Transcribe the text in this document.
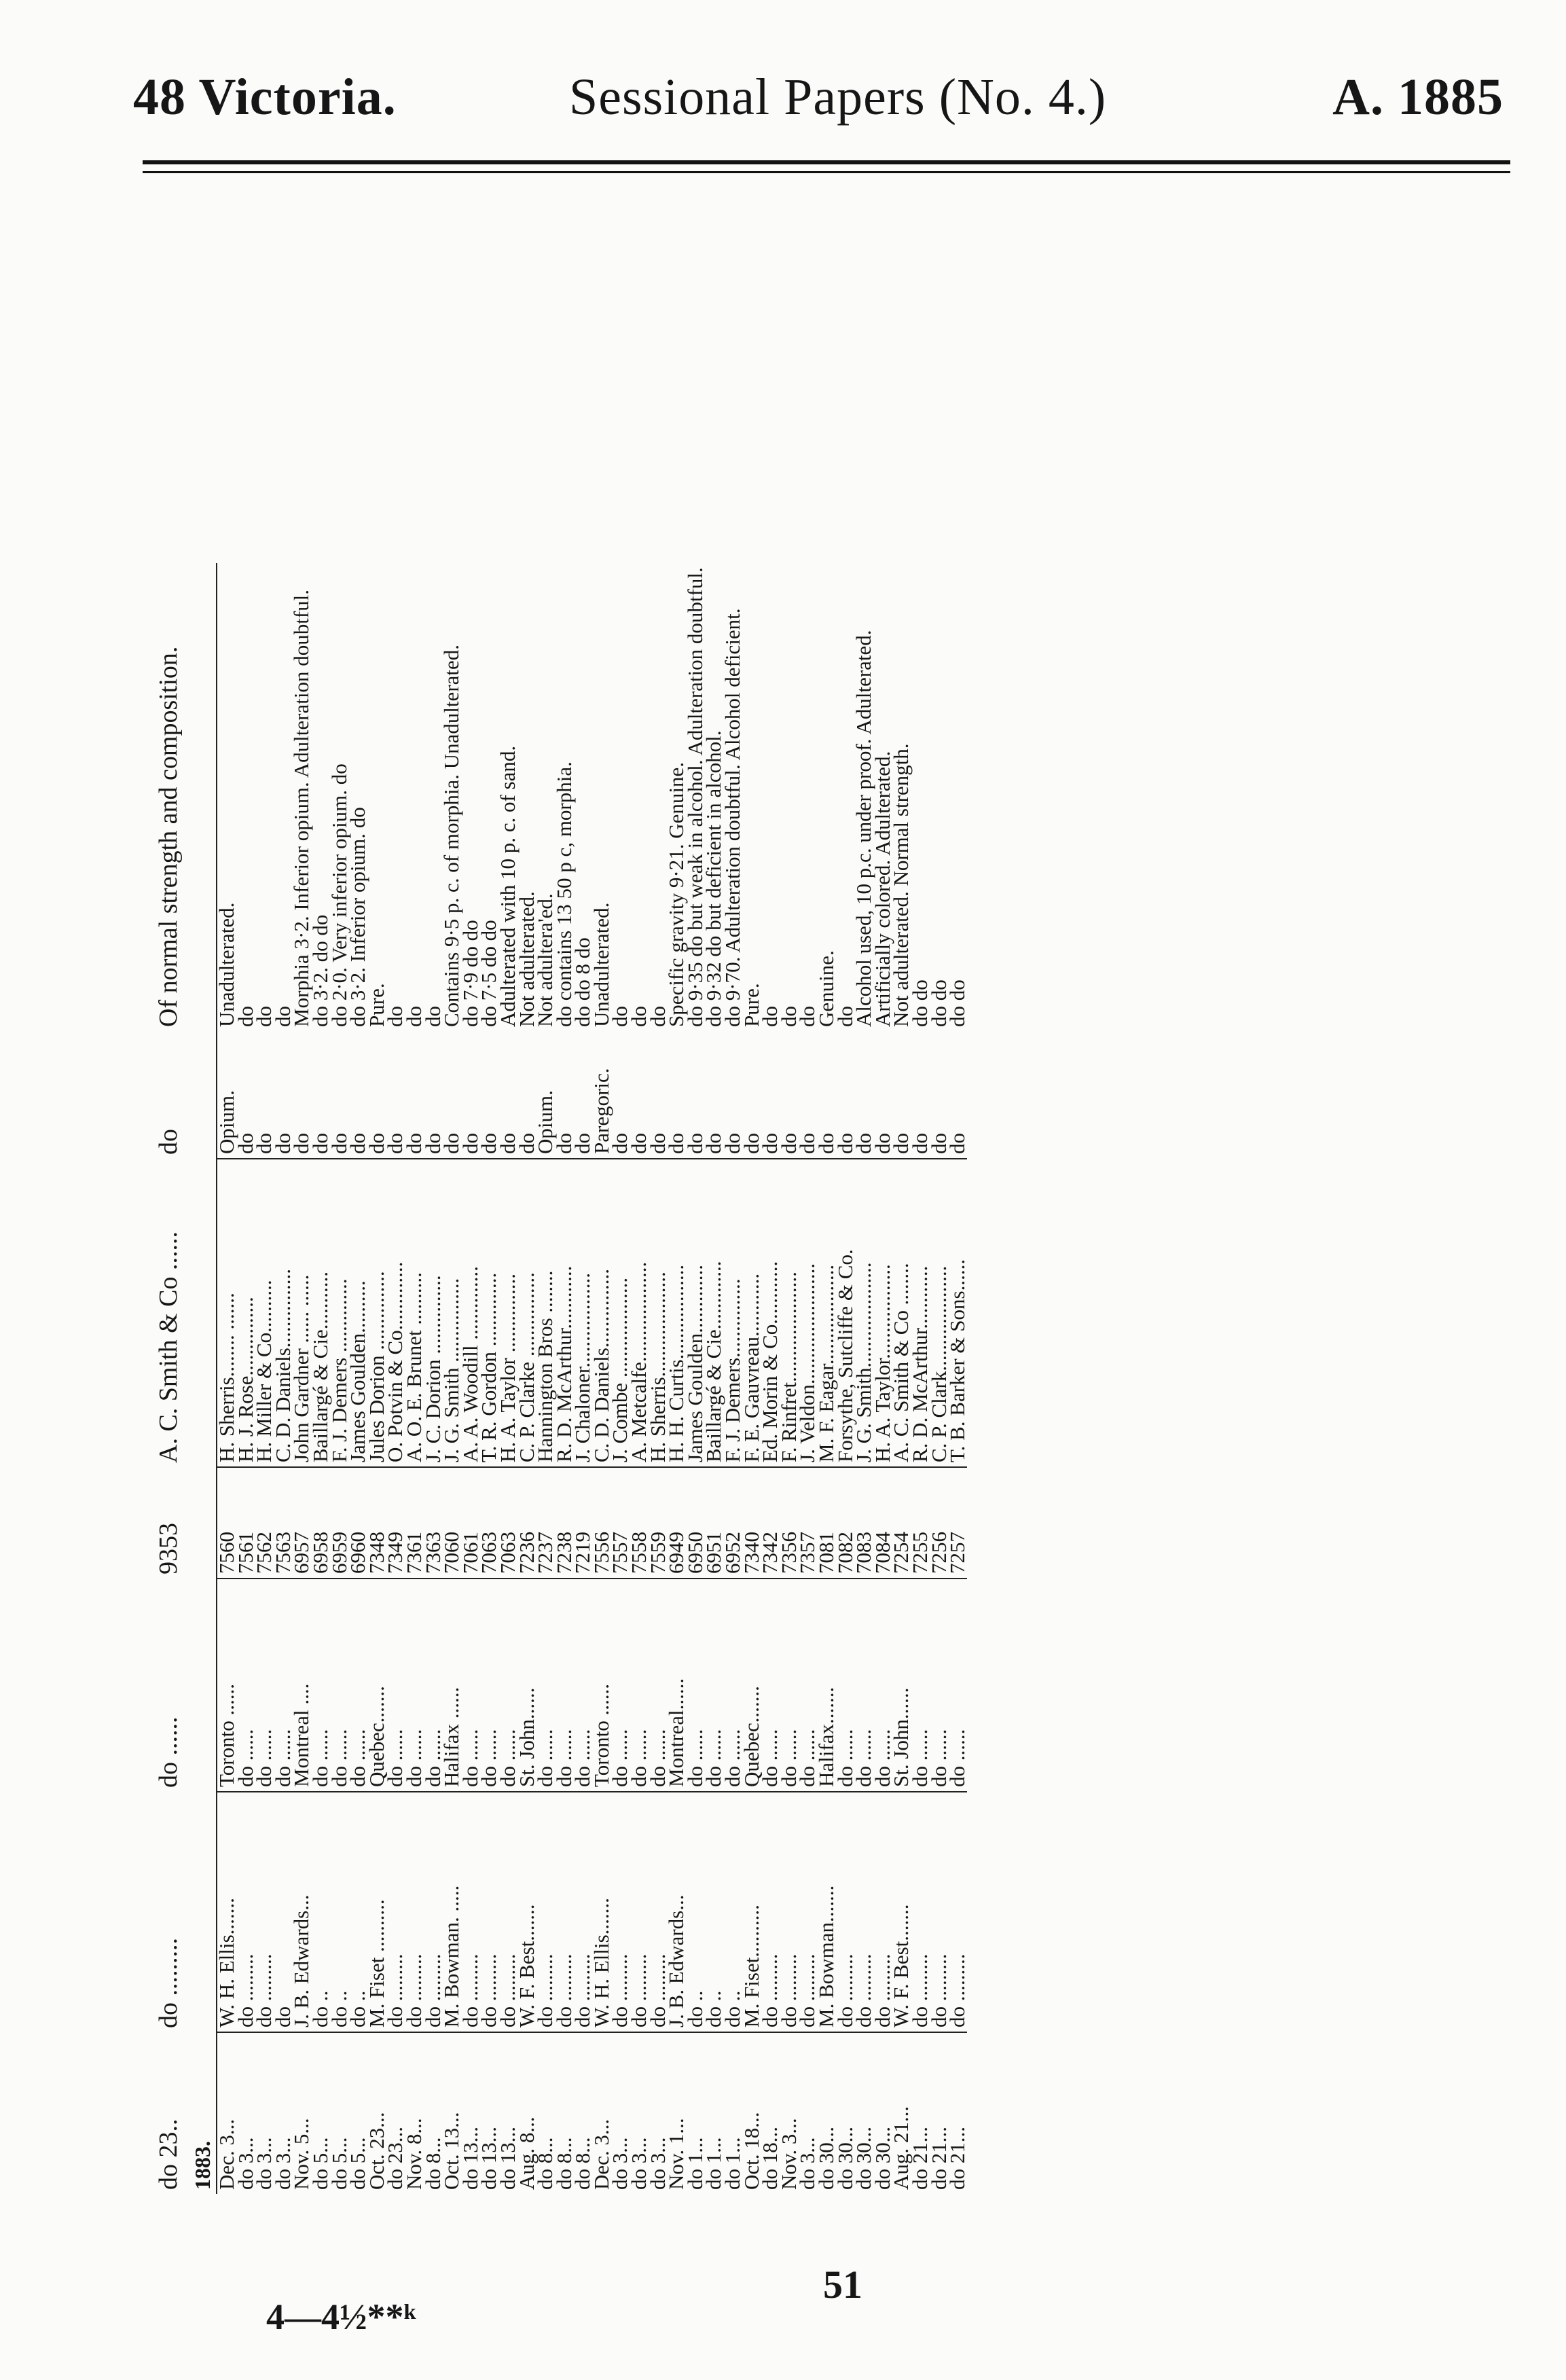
48 Victoria.	Sessional Papers (No. 4.)	A. 1885
do 23..	do .........	do ......	9353	A. C. Smith & Co ......	do	Of normal strength and composition.
1883.						
Dec. 3...	W. H. Ellis.......	Toronto ......	7560	H. Sherris........ .......	Opium.	Unadulterated.
do 3...	do .........	do ......	7561	H. J. Rose...............	do	do
do 3...	do .........	do ......	7562	H. Miller & Co..........	do	do
do 3...	do	do ......	7563	C. D. Daniels...............	do	do
Nov. 5...	J. B. Edwards...	Montreal ....	6957	John Gardner ...... ......	do	Morphia 3·2. Inferior opium. Adulteration doubtful.
do 5...	do ..	do ......	6958	Baillargé & Cie...........	do	do 3·2. do do
do 5...	do ..	do ......	6959	F. J. Demers ..............	do	do 2·0. Very inferior opium. do
do 5...	do ..	do ......	6960	James Goulden..........	do	do 3·2. Inferior opium. do
Oct. 23...	M. Fiset ..........	Quebec.......	7348	Jules Dorion ...............	do	Pure.
do 23...	do .........	do ......	7349	O. Potvin & Co.............	do	do
Nov. 8...	do .........	do ......	7361	A. O. E. Brunet ..........	do	do
do 8...	do .........	do ......	7363	J. C. Dorion ...............	do	do
Oct. 13...	M. Bowman. .....	Halifax ......	7060	J. G. Smith ................	do	Contains 9·5 p. c. of morphia. Unadulterated.
do 13...	do .........	do ......	7061	A. A. Woodill ..............	do	do 7·9 do do
do 13...	do .........	do ......	7063	T. R. Gordon ..............	do	do 7·5 do do
do 13...	do .........	do ......	7063	H. A. Taylor ...............	do	Adulterated with 10 p. c. of sand.
Aug. 8...	W. F. Best.......	St. John......	7236	C. P. Clarke ................	do	Not adulterated.
do 8...	do .........	do ......	7237	Hannington Bros ........	Opium.	Not adultera'ed.
do 8...	do .........	do ......	7238	R. D. McArthur............	do	do contains 13 50 p c, morphia.
do 8...	do .........	do ......	7219	J. Chaloner..................	do	do do 8 do
Dec. 3...	W. H. Ellis.......	Toronto ......	7556	C. D. Daniels...............	Paregoric.	Unadulterated.
do 3...	do .........	do ......	7557	J. Combe ...................	do	do
do 3...	do .........	do ......	7558	A. Metcalfe...................	do	do
do 3...	do .........	do ......	7559	H. Sherris....................	do	do
Nov. 1...	J. B. Edwards...	Montreal......	6949	H. H. Curtis..................	do	Specific gravity 9·21. Genuine.
do 1...	do ..	do ......	6950	James Goulden.............	do	do 9·35 do but weak in alcohol. Adulteration doubtful.
do 1...	do ..	do ......	6951	Baillargé & Cie.............	do	do 9·32 do but deficient in alcohol.
do 1...	do ..	do ......	6952	F. J. Demers...............	do	do 9·70. Adulteration doubtful. Alcohol deficient.
Oct. 18...	M. Fiset..........	Quebec.......	7340	F. E. Gauvreau............	do	Pure.
do 18...	do .........	do ......	7342	Ed. Morin & Co............	do	do
Nov. 3...	do .........	do ......	7356	F. Rinfret.....................	do	do
do 3...	do .........	do ......	7357	J. Veldon.......................	do	do
do 30...	M. Bowman.......	Halifax.......	7081	M. F. Eagar...................	do	Genuine.
do 30...	do .........	do ......	7082	Forsythe, Sutcliffe & Co.	do	do
do 30...	do .........	do ......	7083	J. G. Smith....................	do	Alcohol used, 10 p.c. under proof. Adulterated.
do 30...	do .........	do ......	7084	H. A. Taylor..................	do	Artificially colored. Adulterated.
Aug. 21...	W. F. Best.......	St. John......	7254	A. C. Smith & Co ........	do	Not adulterated. Normal strength.
do 21...	do .........	do ......	7255	R. D. McArthur............	do	do do
do 21...	do .........	do ......	7256	C. P. Clark....................	do	do do
do 21...	do .........	do ......	7257	T. B. Barker & Sons......	do	do do
51
4—4½**ᵏ
